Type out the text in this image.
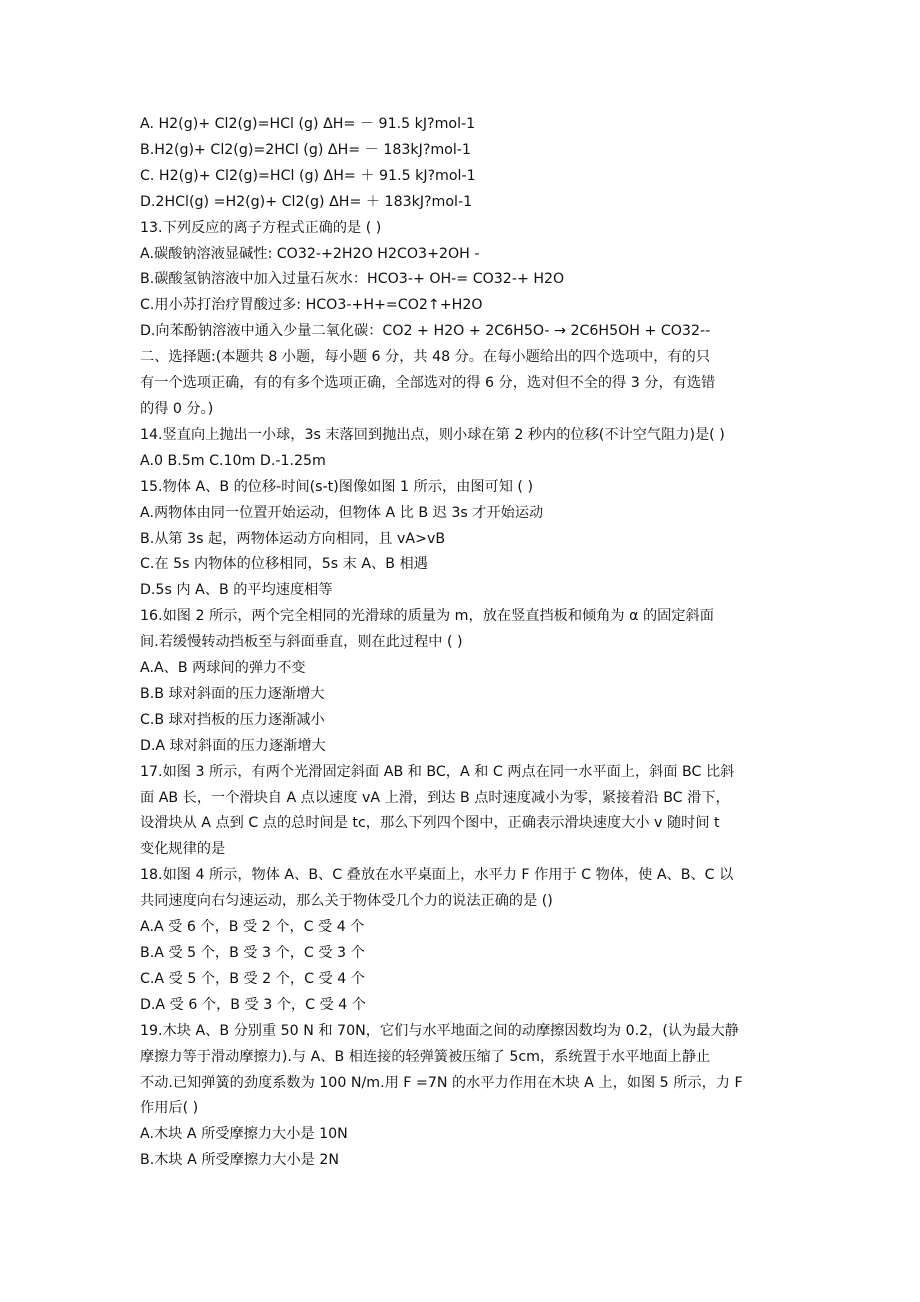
A. H2(g)+ Cl2(g)=HCl (g) ΔH= － 91.5 kJ?mol-1
B.H2(g)+ Cl2(g)=2HCl (g) ΔH= － 183kJ?mol-1
C. H2(g)+ Cl2(g)=HCl (g) ΔH= ＋ 91.5 kJ?mol-1
D.2HCl(g) =H2(g)+ Cl2(g) ΔH= ＋ 183kJ?mol-1
13.下列反应的离子方程式正确的是 ( )
A.碳酸钠溶液显碱性: CO32-+2H2O H2CO3+2OH -
B.碳酸氢钠溶液中加入过量石灰水：HCO3-+ OH-= CO32-+ H2O
C.用小苏打治疗胃酸过多: HCO3-+H+=CO2↑+H2O
D.向苯酚钠溶液中通入少量二氧化碳：CO2 + H2O + 2C6H5O- → 2C6H5OH + CO32--
二、选择题:(本题共 8 小题，每小题 6 分，共 48 分。在每小题给出的四个选项中，有的只
有一个选项正确，有的有多个选项正确，全部选对的得 6 分，选对但不全的得 3 分，有选错
的得 0 分。)
14.竖直向上抛出一小球，3s 末落回到抛出点，则小球在第 2 秒内的位移(不计空气阻力)是( )
A.0 B.5m C.10m D.-1.25m
15.物体 A、B 的位移-时间(s-t)图像如图 1 所示，由图可知 ( )
A.两物体由同一位置开始运动，但物体 A 比 B 迟 3s 才开始运动
B.从第 3s 起，两物体运动方向相同，且 vA>vB
C.在 5s 内物体的位移相同，5s 末 A、B 相遇
D.5s 内 A、B 的平均速度相等
16.如图 2 所示，两个完全相同的光滑球的质量为 m，放在竖直挡板和倾角为 α 的固定斜面
间.若缓慢转动挡板至与斜面垂直，则在此过程中 ( )
A.A、B 两球间的弹力不变
B.B 球对斜面的压力逐渐增大
C.B 球对挡板的压力逐渐减小
D.A 球对斜面的压力逐渐增大
17.如图 3 所示，有两个光滑固定斜面 AB 和 BC，A 和 C 两点在同一水平面上，斜面 BC 比斜
面 AB 长，一个滑块自 A 点以速度 vA 上滑，到达 B 点时速度减小为零，紧接着沿 BC 滑下，
设滑块从 A 点到 C 点的总时间是 tc，那么下列四个图中，正确表示滑块速度大小 v 随时间 t
变化规律的是
18.如图 4 所示，物体 A、B、C 叠放在水平桌面上，水平力 F 作用于 C 物体，使 A、B、C 以
共同速度向右匀速运动，那么关于物体受几个力的说法正确的是 ()
A.A 受 6 个，B 受 2 个，C 受 4 个
B.A 受 5 个，B 受 3 个，C 受 3 个
C.A 受 5 个，B 受 2 个，C 受 4 个
D.A 受 6 个，B 受 3 个，C 受 4 个
19.木块 A、B 分别重 50 N 和 70N，它们与水平地面之间的动摩擦因数均为 0.2，(认为最大静
摩擦力等于滑动摩擦力).与 A、B 相连接的轻弹簧被压缩了 5cm，系统置于水平地面上静止
不动.已知弹簧的劲度系数为 100 N/m.用 F =7N 的水平力作用在木块 A 上，如图 5 所示，力 F
作用后( )
A.木块 A 所受摩擦力大小是 10N
B.木块 A 所受摩擦力大小是 2N
